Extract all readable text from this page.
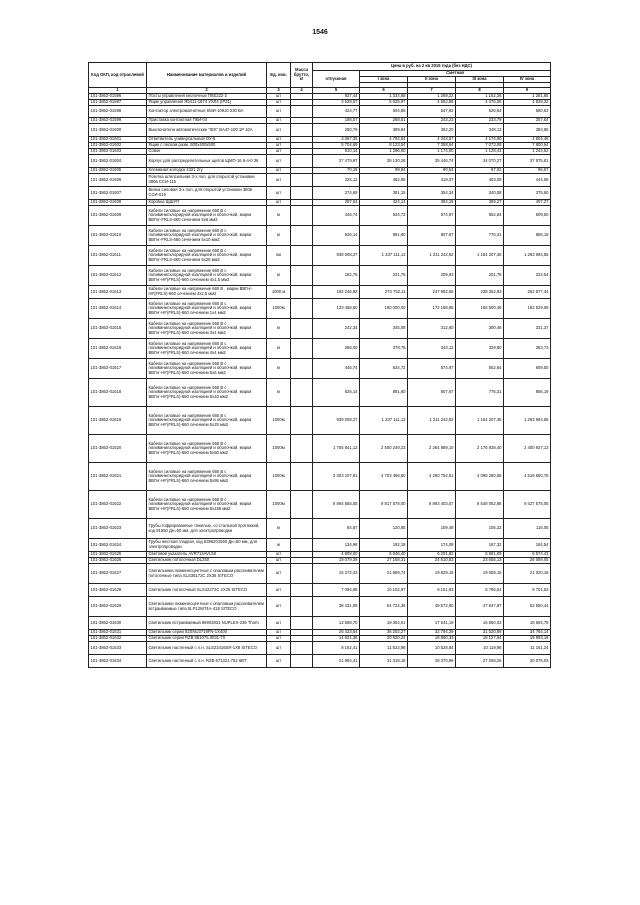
1546
Код ОКП, код отраслевой	Наименование материалов и изделий	Ед. изм.	Масса брутто, кг	Цена в руб. на 2 кв 2015 года (без НДС)				
				отпускная	Сметная			
					I зона	II зона	III зона	IV зона

1	2	3	4	5	6	7	8	9
101-3862-01596	Посты управления кнопочные ПКЕ222-2	шт		937,44	1 334,68	1 269,22	1 162,26	1 281,65
101-3862-01597	Ящик управления Я5411-1874 УХЛ4 (IP31)	шт		3 528,57	5 025,97	4 552,86	4 376,06	4 828,32
101-3862-01598	Контактор электромагнитные КМИ-10910 230 ВА	шт		424,77	604,86	547,92	526,64	580,63
101-3862-01599	Приставка контактная ПКИ-04	шт		188,57	268,51	243,23	233,79	257,64
101-3862-01600	Выключатели автоматические "IEK" ВА47-100 1Р 10А	шт		280,79	399,84	362,20	348,13	383,95
101-3862-01601	Ответвитель универсальный ОУ-6	шт		3 367,35	4 794,84	4 343,57	4 174,90	4 604,46
101-3862-01602	Ящик с песком разм. 900х400х500	шт		5 704,69	8 123,54	7 358,64	7 073,08	7 800,64
101-3862-01603	Совок	шт		910,14	1 296,00	1 174,00	1 128,41	1 244,52
101-3862-01604	Корпус для распределительных щитов ЩМП-16 6-4-0 36	шт		27 479,97	39 130,26	35 446,74	34 070,27	37 575,81
101-3862-01605	Клеммная колодка 4321 2гу	шт		70,19	99,94	90,54	87,02	95,97
101-3862-01606	Розетка штепсельная 3-х пол. для открытой установки 380в ССИ-115	шт		325,12	462,95	419,37	403,09	444,58
101-3862-01607	Вилка силовая 3-х пол. для открытой установки 380в ССИ-015	шт		274,69	391,15	354,34	340,58	375,60
101-3862-01608	Коробка ЩШУП	шт		297,64	424,14	384,19	369,27	407,27
101-3862-01609	Кабели силовые на напряжение 660 В с поливинилхлоридной изоляцией и оболочкой, марки ВВГнг-FRLS-660 сечением 5х6 мм2	м		445,74	634,72	574,97	552,64	609,50
101-3862-01610	Кабели силовые на напряжение 660 В с поливинилхлоридной изоляцией и оболочкой, марки ВВГнг-FRLS-660 сечением 5х10 мм2	м		626,14	891,60	807,67	776,31	856,19
101-3862-01611	Кабели силовые на напряжение 660 В с поливинилхлоридной изоляцией и оболочкой, марки ВВГнг-FRLS-660 сечением 5х25 мм2	км		938 008,27	1 337 111,13	1 211 242,62	1 164 207,36	1 283 994,55
101-3862-01612	Кабели силовые на напряжение 660 В с поливинилхлоридной изоляцией и оболочкой, марки ВВГнг-HF(FRLS)-660 сечением 4х1,5 мм2	м		162,75	231,75	209,93	201,78	222,54
101-3862-01613	Кабели силовые на напряжение 660 В , марки ВВГнг-HF(FRLS)-660 сечением 4х2,5 мм2	1000 м		192 246,92	273 752,11	247 982,55	238 352,83	262 877,34
101-3862-01614	Кабели силовые на напряжение 660 В с поливинилхлоридной изоляцией и оболочкой, марки ВВГнг-HF(FRLS)-660 сечением 1х4 мм2	1000м		133 456,50	190 000,00	172 188,85	165 500,48	182 529,09
101-3862-01615	Кабели силовые на напряжение 660 В с поливинилхлоридной изоляцией и оболочкой, марки ВВГнг-HF(FRLS)-660 сечением 3х4 мм2	м		242,34	345,08	312,60	300,46	331,37
101-3862-01616	Кабели силовые на напряжение 660 В с поливинилхлоридной изоляцией и оболочкой, марки ВВГнг-HF(FRLS)-660 сечением 4х4 мм2	м		266,00	378,76	343,12	329,80	363,73
101-3862-01617	Кабели силовые на напряжение 660 В с поливинилхлоридной изоляцией и оболочкой, марки ВВГнг-HF(FRLS)-660 сечением 5х6 мм2	м		445,74	634,72	574,97	552,64	609,50
101-3862-01618	Кабели силовые на напряжение 660 В с поливинилхлоридной изоляцией и оболочкой, марки ВВГнг-HF(FRLS)-660 сечением 5х10 мм2	м		626,14	891,60	807,67	776,31	856,19
101-3862-01619	Кабели силовые на напряжение 660 В с поливинилхлоридной изоляцией и оболочкой, марки ВВГнг-HF(FRLS)-660 сечением 5х25 мм2	1000м		939 008,27	1 337 111,13	1 211 242,62	1 164 207,36	1 283 994,55
101-3862-01620	Кабели силовые на напряжение 660 В с поливинилхлоридной изоляцией и оболочкой, марки ВВГнг-HF(FRLS)-660 сечением 5х50 мм2	1000м		1 755 841,12	2 500 249,23	2 264 889,10	2 176 938,40	2 400 927,13
101-3862-01621	Кабели силовые на напряжение 660 В с поливинилхлоридной изоляцией и оболочкой, марки ВВГнг-HF(FRLS)-660 сечением 5х95 мм2	1000м		3 303 107,81	4 703 466,50	4 260 754,51	4 095 280,68	4 516 650,76
101-3862-01622	Кабели силовые на напряжение 660 В с поливинилхлоридной изоляцией и оболочкой, марки ВВГнг-HF(FRLS)-660 сечением 5х185 мм2	1000м		6 894 555,55	9 817 578,00	8 893 403,57	8 548 052,86	9 427 575,05
101-3862-01623	Трубы гофрированные тяжелые, со стальной протяжкой, код 91550 Дн=50 мм, для электропроводки	м		84,87	120,85	109,48	105,22	116,05
101-3862-01624	Трубы жесткая гладкая, код 8396201550 Дн=50 мм, для электропроводки	м		134,96	192,18	174,08	167,32	184,54
101-3862-01625	Световой указатель AVR714AVL58	шт		4 808,00	6 846,40	6 201,92	5 961,09	6 574,43
101-3862-01626	Светильник потолочный DL250	шт		19 079,39	27 168,31	24 610,83	23 655,13	26 089,05
101-3862-01627	Светильники люминесцентные с опаловым рассеивателем потолочные типа SLS36172C 2Х36 SITECO	шт		15 372,43	21 889,74	19 829,16	19 059,15	21 020,16
101-3862-01628	Светильник потолочный SLS42272C 2Х36 SITECO	шт		7 094,98	10 102,97	9 151,93	8 796,54	9 701,63
101-3862-01629	Светильники люминесцентные с опаловым рассеивателем встраиваемые типа 5LP12W74A-418 SITECO	шт		38 431,08	54 724,36	49 572,90	47 647,87	52 550,44
101-3862-01630	Светильник встраиваемый 96903831 NUPLEX-236 Thorn	шт		13 598,70	19 364,01	17 541,19	16 860,02	18 594,78
101-3862-01631	Светильник серии 82SNU3719FN-1Х400	шт		25 423,64	36 202,27	32 794,39	31 520,89	34 764,14
101-3862-01632	Светильник серии RZB 981075.0031-70	шт		14 621,36	20 820,24	18 860,33	18 127,94	19 993,16
101-3862-01633	Светильник настенный с л.н. SLS23416SR-1Х8 SITECO	шт		8 162,41	11 622,98	10 528,84	10 119,98	11 161,24
101-3862-01634	Светильник настенный с л.н. RZB 671321.752 6BT	шт		21 994,41	31 319,18	28 370,99	27 269,25	30 075,03
